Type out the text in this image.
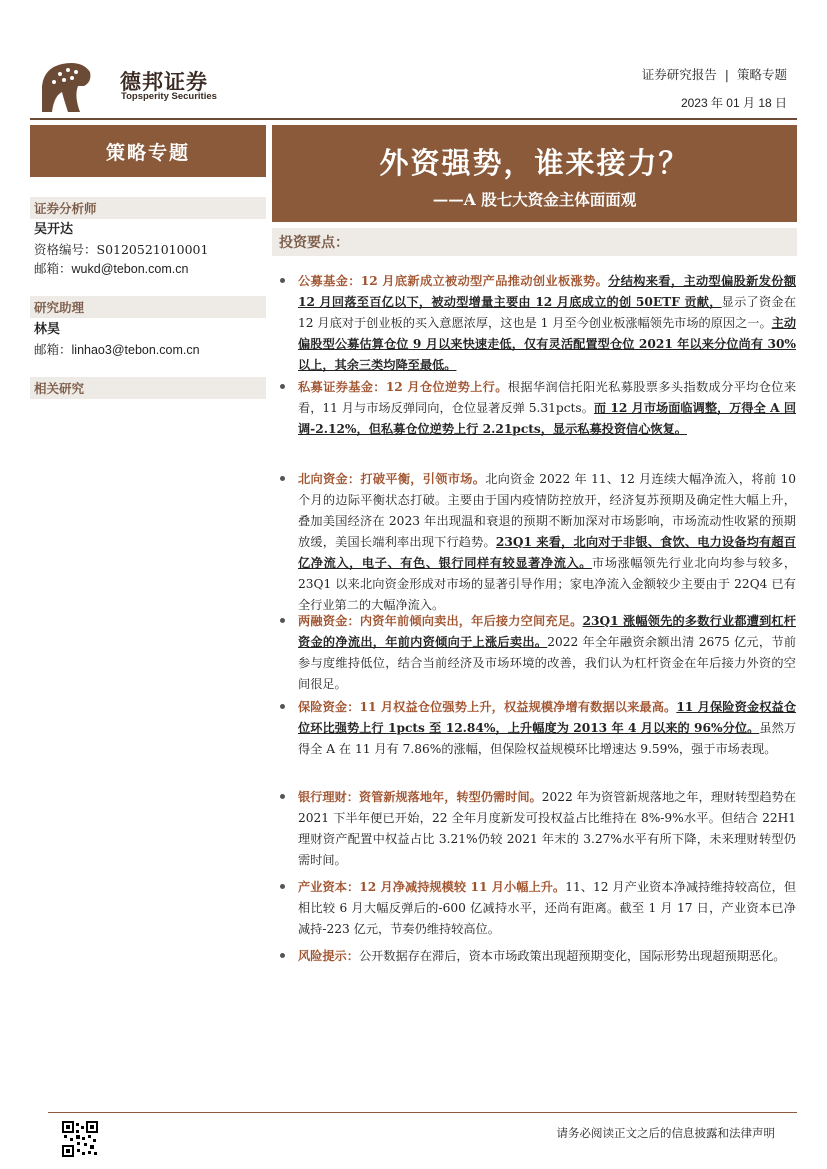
德邦证券
Topsperity Securities
证券研究报告 | 策略专题
2023 年 01 月 18 日
策略专题	外资强势，谁来接力？
——A 股七大资金主体面面观
证券分析师
吴开达
资格编号：S0120521010001
邮箱：wukd@tebon.com.cn
研究助理
林昊
邮箱：linhao3@tebon.com.cn
相关研究
投资要点：
公募基金：12 月底新成立被动型产品推动创业板涨势。分结构来看，主动型偏股新发份额 12 月回落至百亿以下，被动型增量主要由 12 月底成立的创 50ETF 贡献，显示了资金在 12 月底对于创业板的买入意愿浓厚，这也是 1 月至今创业板涨幅领先市场的原因之一。主动偏股型公募估算仓位 9 月以来快速走低，仅有灵活配置型仓位 2021 年以来分位尚有 30%以上，其余三类均降至最低。
私募证券基金：12 月仓位逆势上行。根据华润信托阳光私募股票多头指数成分平均仓位来看，11 月与市场反弹同向，仓位显著反弹 5.31pcts。而 12 月市场面临调整，万得全 A 回调-2.12%，但私募仓位逆势上行 2.21pcts，显示私募投资信心恢复。
北向资金：打破平衡，引领市场。北向资金 2022 年 11、12 月连续大幅净流入，将前 10 个月的边际平衡状态打破。主要由于国内疫情防控放开，经济复苏预期及确定性大幅上升，叠加美国经济在 2023 年出现温和衰退的预期不断加深对市场影响，市场流动性收紧的预期放缓，美国长端利率出现下行趋势。23Q1 来看，北向对于非银、食饮、电力设备均有超百亿净流入，电子、有色、银行同样有较显著净流入。市场涨幅领先行业北向均参与较多，23Q1 以来北向资金形成对市场的显著引导作用；家电净流入金额较少主要由于 22Q4 已有全行业第二的大幅净流入。
两融资金：内资年前倾向卖出，年后接力空间充足。23Q1 涨幅领先的多数行业都遭到杠杆资金的净流出，年前内资倾向于上涨后卖出。2022 年全年融资余额出清 2675 亿元，节前参与度维持低位，结合当前经济及市场环境的改善，我们认为杠杆资金在年后接力外资的空间很足。
保险资金：11 月权益仓位强势上升，权益规模净增有数据以来最高。11 月保险资金权益仓位环比强势上行 1pcts 至 12.84%，上升幅度为 2013 年 4 月以来的 96%分位。虽然万得全 A 在 11 月有 7.86%的涨幅，但保险权益规模环比增速达 9.59%，强于市场表现。
银行理财：资管新规落地年，转型仍需时间。2022 年为资管新规落地之年，理财转型趋势在 2021 下半年便已开始，22 全年月度新发可投权益占比维持在 8%-9%水平。但结合 22H1 理财资产配置中权益占比 3.21%仍较 2021 年末的 3.27%水平有所下降，未来理财转型仍需时间。
产业资本：12 月净减持规模较 11 月小幅上升。11、12 月产业资本净减持维持较高位，但相比较 6 月大幅反弹后的-600 亿减持水平，还尚有距离。截至 1 月 17 日，产业资本已净减持-223 亿元，节奏仍维持较高位。
风险提示：公开数据存在滞后，资本市场政策出现超预期变化，国际形势出现超预期恶化。
请务必阅读正文之后的信息披露和法律声明
